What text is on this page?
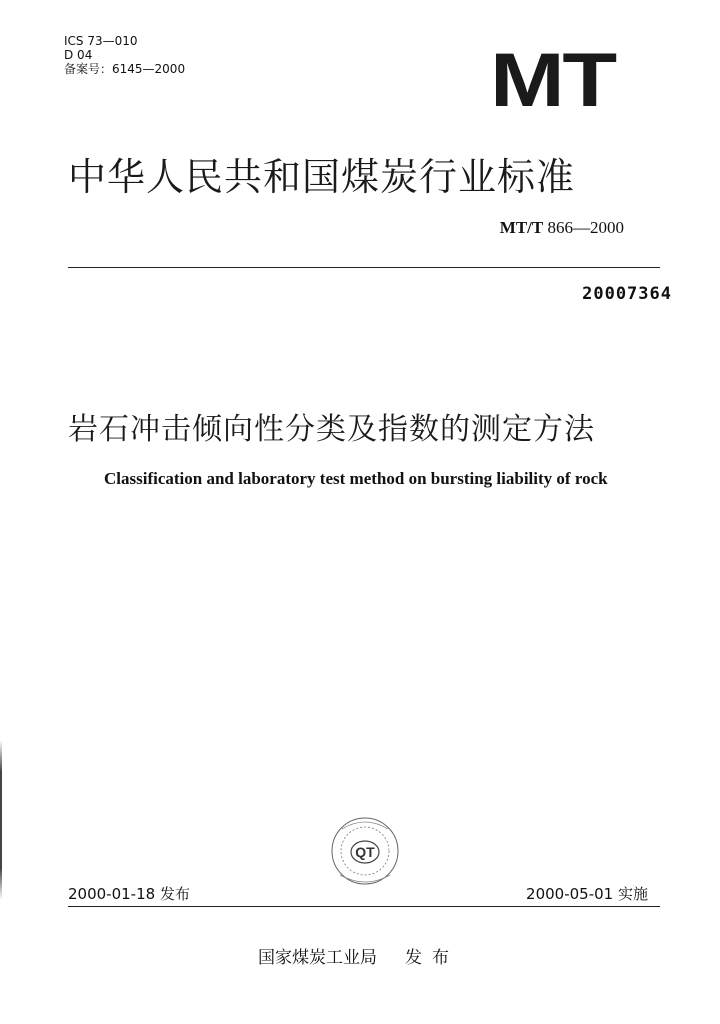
ICS 73—010
D 04
备案号：6145—2000	MT
中华人民共和国煤炭行业标准
MT/T 866—2000
20007364
岩石冲击倾向性分类及指数的测定方法
Classification and laboratory test method on bursting liability of rock
QT
2000-01-18 发布	2000-05-01 实施
国家煤炭工业局 发布
